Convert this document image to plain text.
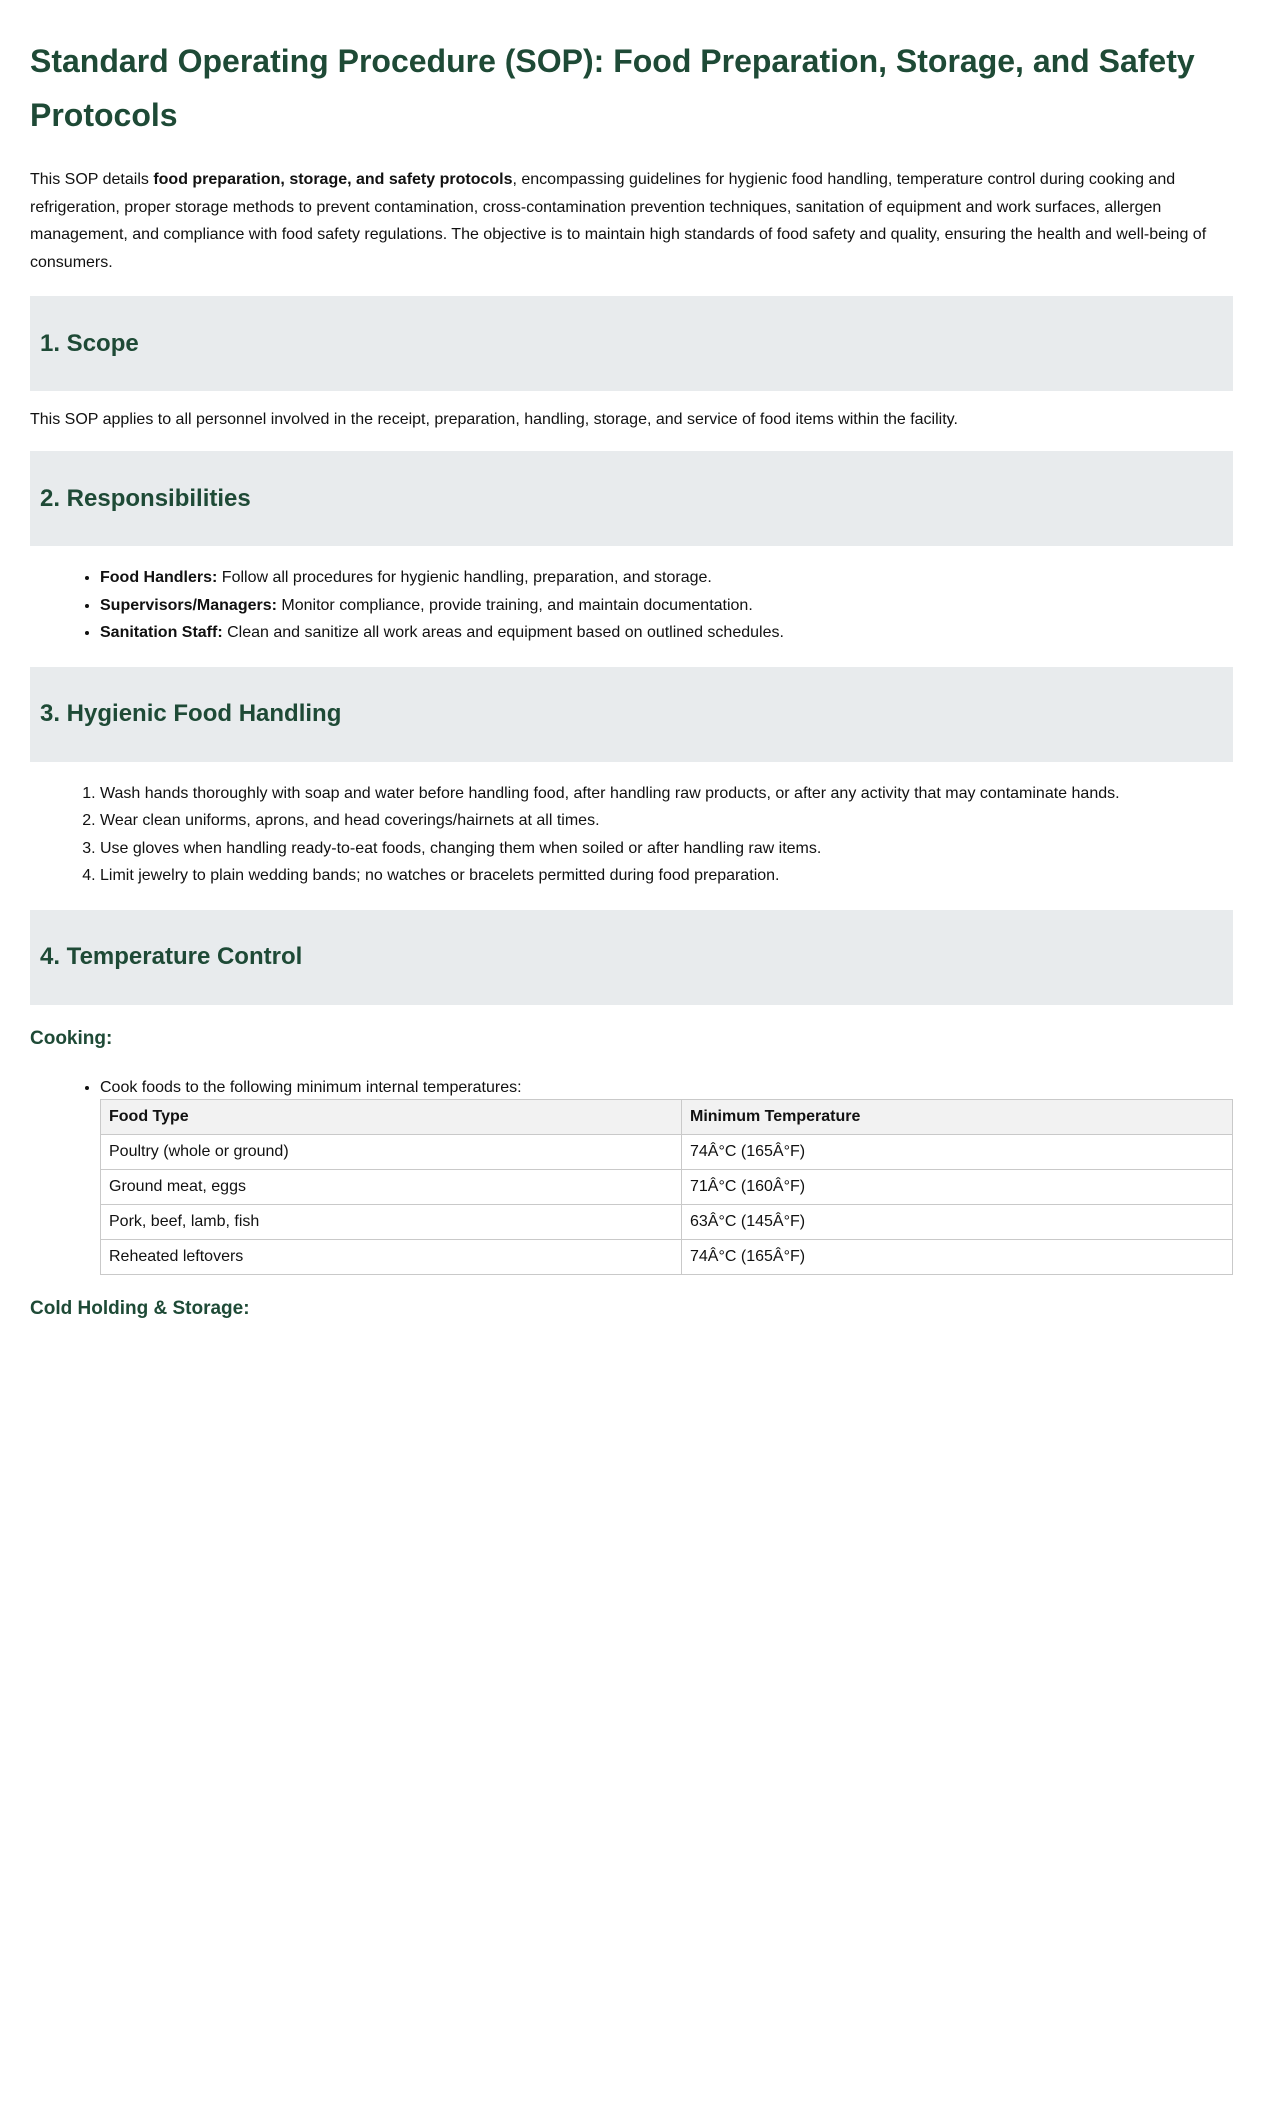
Standard Operating Procedure (SOP): Food Preparation, Storage, and Safety Protocols

This SOP details food preparation, storage, and safety protocols, encompassing guidelines for hygienic food handling, temperature control during cooking and refrigeration, proper storage methods to prevent contamination, cross-contamination prevention techniques, sanitation of equipment and work surfaces, allergen management, and compliance with food safety regulations. The objective is to maintain high standards of food safety and quality, ensuring the health and well-being of consumers.

1. Scope

This SOP applies to all personnel involved in the receipt, preparation, handling, storage, and service of food items within the facility.

2. Responsibilities
• Food Handlers: Follow all procedures for hygienic handling, preparation, and storage.
• Supervisors/Managers: Monitor compliance, provide training, and maintain documentation.
• Sanitation Staff: Clean and sanitize all work areas and equipment based on outlined schedules.
3. Hygienic Food Handling
1. Wash hands thoroughly with soap and water before handling food, after handling raw products, or after any activity that may contaminate hands.
2. Wear clean uniforms, aprons, and head coverings/hairnets at all times.
3. Use gloves when handling ready-to-eat foods, changing them when soiled or after handling raw items.
4. Limit jewelry to plain wedding bands; no watches or bracelets permitted during food preparation.
4. Temperature Control
Cooking:
• Cook foods to the following minimum internal temperatures:
Food Type	Minimum Temperature
Poultry (whole or ground)	74Â°C (165Â°F)
Ground meat, eggs	71Â°C (160Â°F)
Pork, beef, lamb, fish	63Â°C (145Â°F)
Reheated leftovers	74Â°C (165Â°F)
Cold Holding & Storage:
